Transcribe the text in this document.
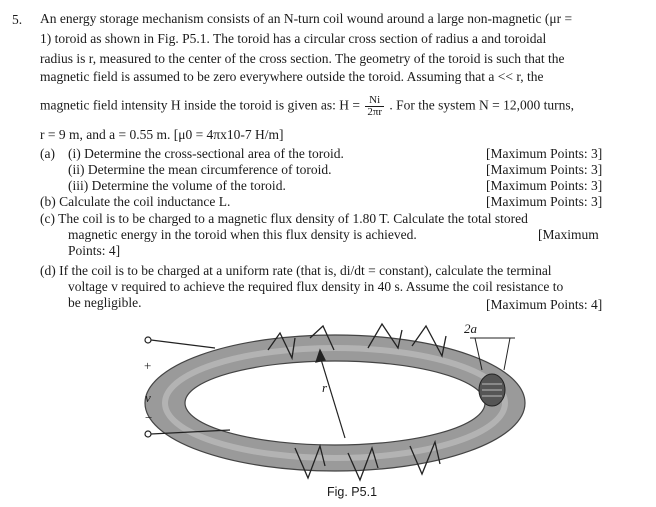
5. An energy storage mechanism consists of an N-turn coil wound around a large non-magnetic (μr =
1) toroid as shown in Fig. P5.1. The toroid has a circular cross section of radius a and toroidal
radius is r, measured to the center of the cross section. The geometry of the toroid is such that the
magnetic field is assumed to be zero everywhere outside the toroid. Assuming that a << r, the
magnetic field intensity H inside the toroid is given as: $H = \frac{Ni}{2\pi r}$ . For the system N = 12,000 turns,
r = 9 m, and a = 0.55 m. [μ0 = 4πx10-7 H/m]
(a) (i) Determine the cross-sectional area of the toroid.	[Maximum Points: 3]
(ii) Determine the mean circumference of toroid.	[Maximum Points: 3]
(iii) Determine the volume of the toroid.	[Maximum Points: 3]
(b) Calculate the coil inductance L.	[Maximum Points: 3]
(c) The coil is to be charged to a magnetic flux density of 1.80 T. Calculate the total stored
magnetic energy in the toroid when this flux density is achieved.	[Maximum
Points: 4]
(d) If the coil is to be charged at a uniform rate (that is, di/dt = constant), calculate the terminal
voltage v required to achieve the required flux density in 40 s. Assume the coil resistance to
be negligible.	[Maximum Points: 4]
2a
r
+
v
−
Fig. P5.1
